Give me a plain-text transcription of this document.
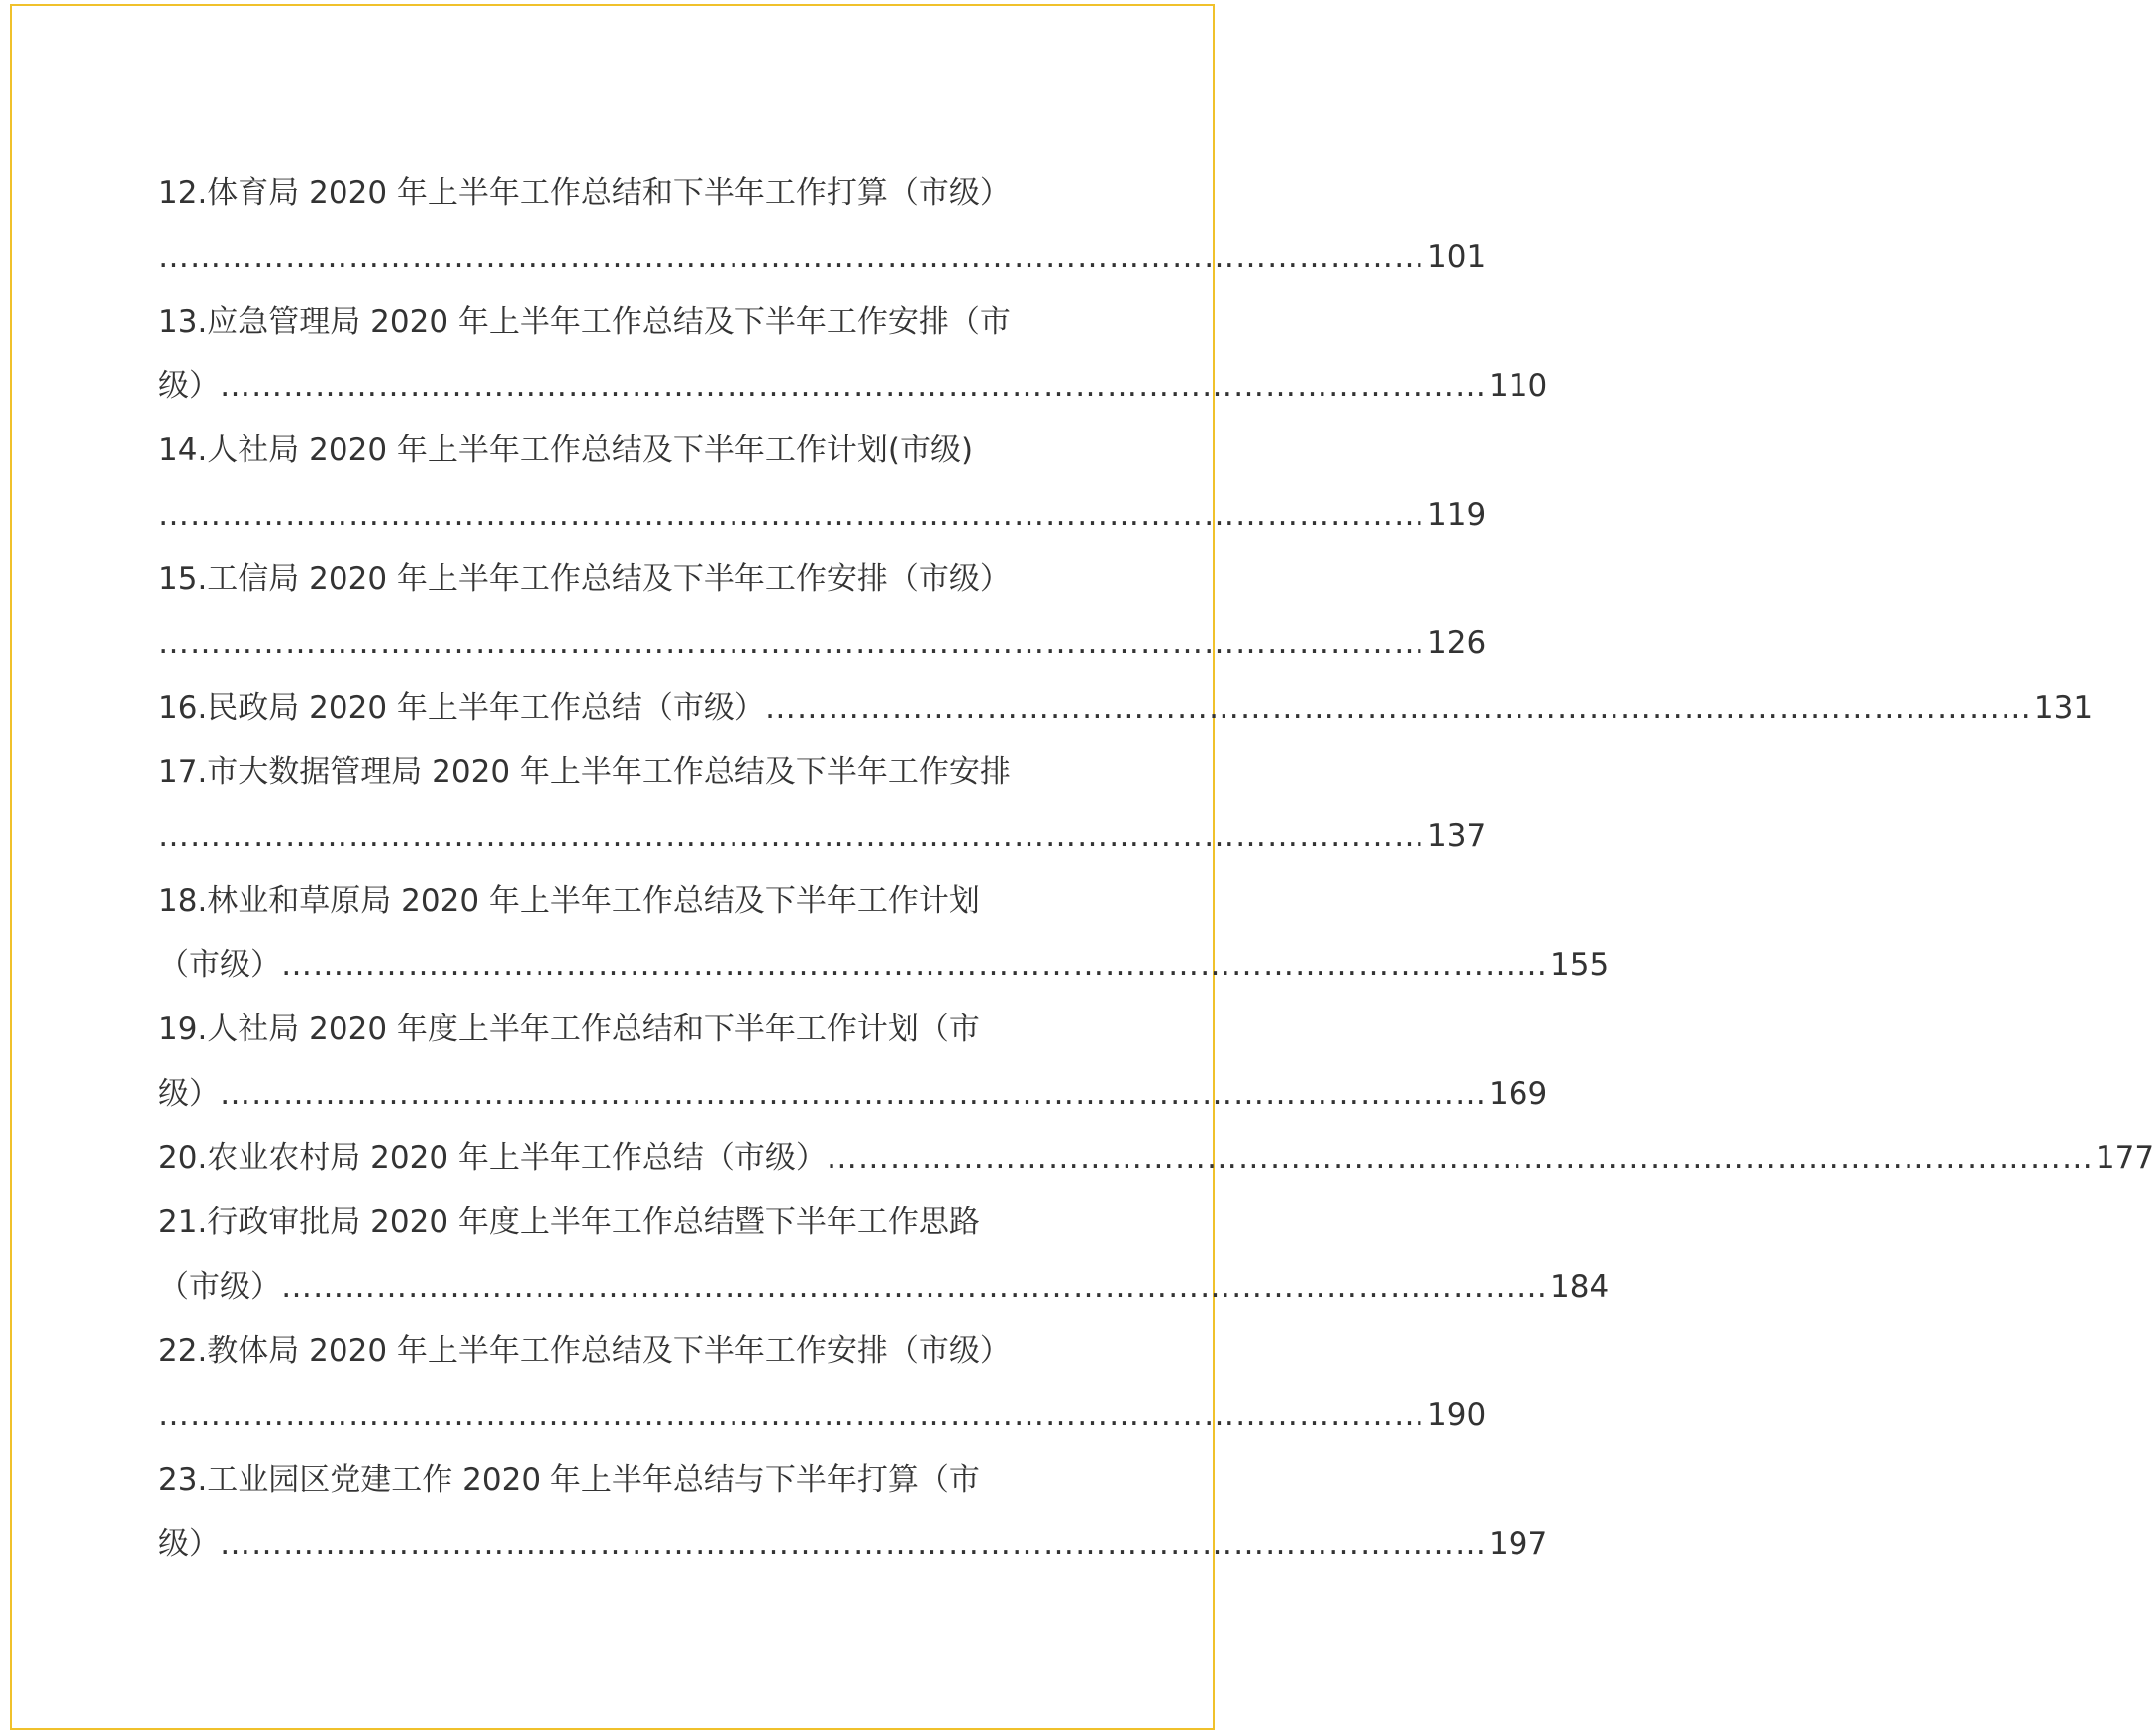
12.体育局 2020 年上半年工作总结和下半年工作打算（市级）
………………………………………………………………………………………………………… 101
13.应急管理局 2020 年上半年工作总结及下半年工作安排（市
级） ………………………………………………………………………………………………………… 110
14.人社局 2020 年上半年工作总结及下半年工作计划(市级)
………………………………………………………………………………………………………… 119
15.工信局 2020 年上半年工作总结及下半年工作安排（市级）
………………………………………………………………………………………………………… 126
16.民政局 2020 年上半年工作总结（市级） ………………………………………………………………………………………………………… 131
17.市大数据管理局 2020 年上半年工作总结及下半年工作安排
………………………………………………………………………………………………………… 137
18.林业和草原局 2020 年上半年工作总结及下半年工作计划
（市级） ………………………………………………………………………………………………………… 155
19.人社局 2020 年度上半年工作总结和下半年工作计划（市
级） ………………………………………………………………………………………………………… 169
20.农业农村局 2020 年上半年工作总结（市级） ………………………………………………………………………………………………………… 177
21.行政审批局 2020 年度上半年工作总结暨下半年工作思路
（市级） ………………………………………………………………………………………………………… 184
22.教体局 2020 年上半年工作总结及下半年工作安排（市级）
………………………………………………………………………………………………………… 190
23.工业园区党建工作 2020 年上半年总结与下半年打算（市
级） ………………………………………………………………………………………………………… 197
